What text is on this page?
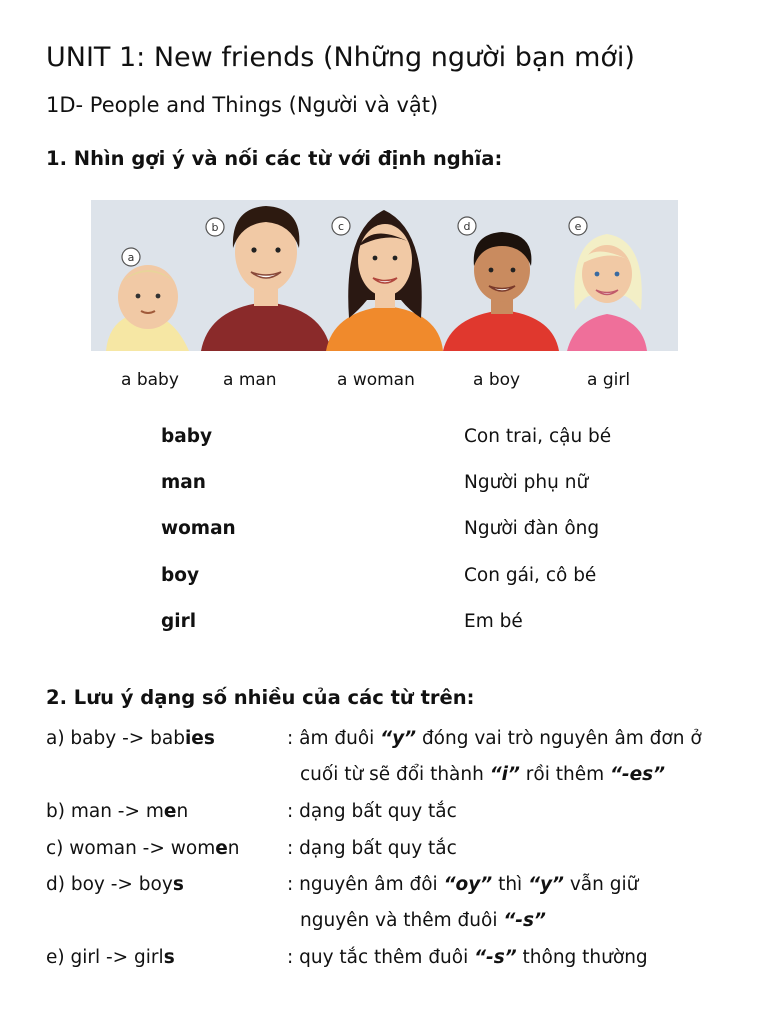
UNIT 1: New friends (Những người bạn mới)
1D- People and Things (Người và vật)
1. Nhìn gợi ý và nối các từ với định nghĩa:
a
b	c	d	e
a baby	a man	a woman	a boy	a girl
baby	Con trai, cậu bé
man	Người phụ nữ
woman	Người đàn ông
boy	Con gái, cô bé
girl	Em bé
2. Lưu ý dạng số nhiều của các từ trên:
a) baby -> babies	: âm đuôi “y” đóng vai trò nguyên âm đơn ở
cuối từ sẽ đổi thành “i” rồi thêm “-es”
b) man -> men	: dạng bất quy tắc
c) woman -> women	: dạng bất quy tắc
d) boy -> boys	: nguyên âm đôi “oy” thì “y” vẫn giữ
nguyên và thêm đuôi “-s”
e) girl -> girls	: quy tắc thêm đuôi “-s” thông thường
